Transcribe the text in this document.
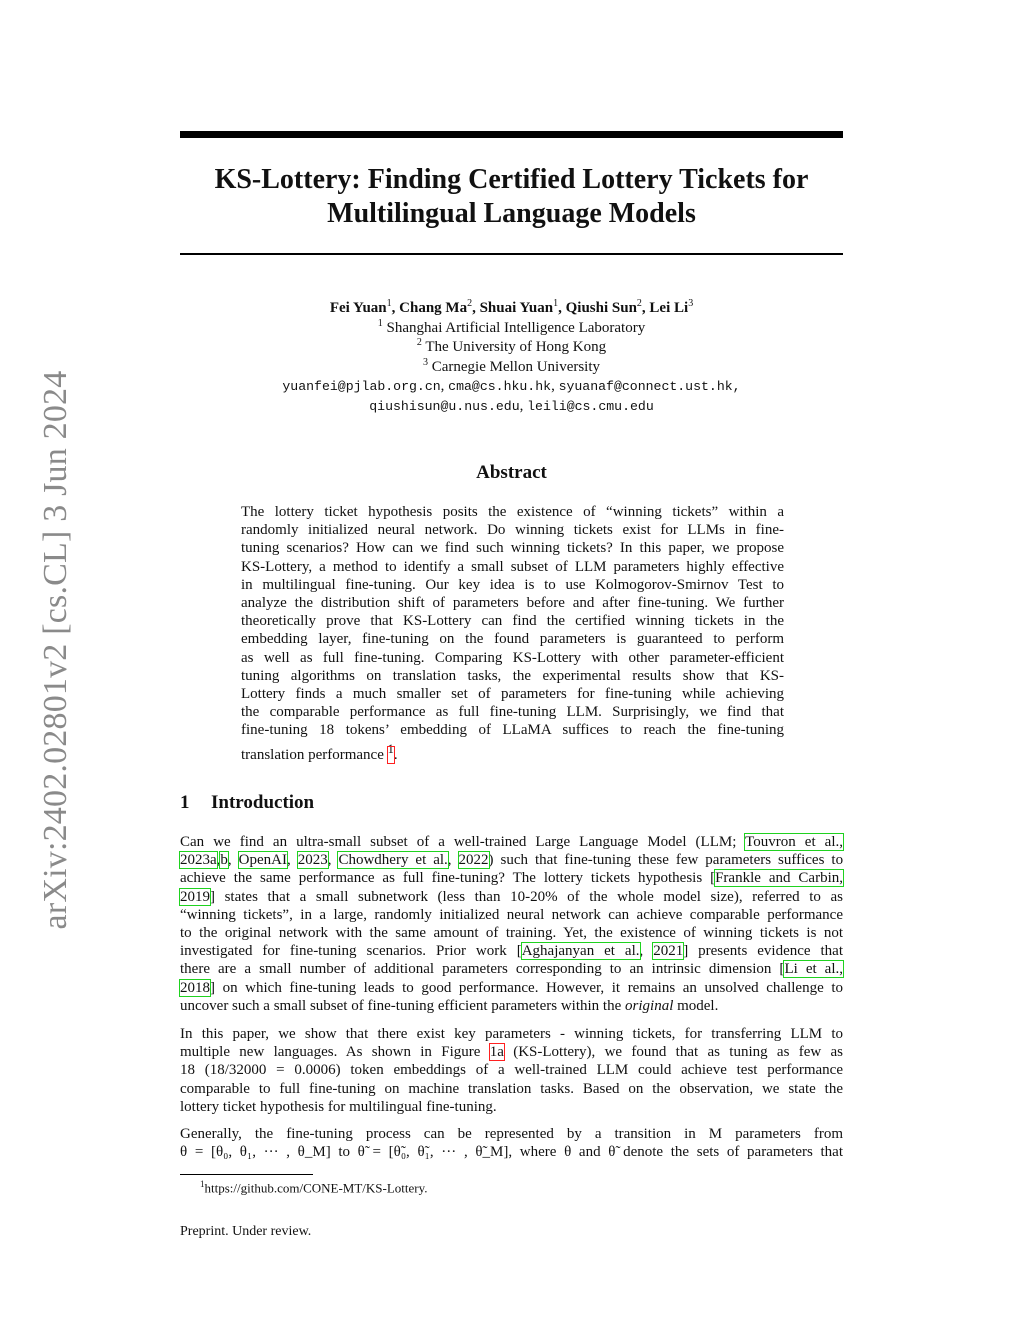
arXiv:2402.02801v2 [cs.CL] 3 Jun 2024
KS-Lottery: Finding Certified Lottery Tickets for
Multilingual Language Models
Fei Yuan$^1$, Chang Ma$^2$, Shuai Yuan$^1$, Qiushi Sun$^2$, Lei Li$^3$
$^1$ Shanghai Artificial Intelligence Laboratory
$^2$ The University of Hong Kong
$^3$ Carnegie Mellon University
yuanfei@pjlab.org.cn, cma@cs.hku.hk, syuanaf@connect.ust.hk,
qiushisun@u.nus.edu, leili@cs.cmu.edu
Abstract
The lottery ticket hypothesis posits the existence of “winning tickets” within a
randomly initialized neural network. Do winning tickets exist for LLMs in fine-
tuning scenarios? How can we find such winning tickets? In this paper, we propose
KS-Lottery, a method to identify a small subset of LLM parameters highly effective
in multilingual fine-tuning. Our key idea is to use Kolmogorov-Smirnov Test to
analyze the distribution shift of parameters before and after fine-tuning. We further
theoretically prove that KS-Lottery can find the certified winning tickets in the
embedding layer, fine-tuning on the found parameters is guaranteed to perform
as well as full fine-tuning. Comparing KS-Lottery with other parameter-efficient
tuning algorithms on translation tasks, the experimental results show that KS-
Lottery finds a much smaller set of parameters for fine-tuning while achieving
the comparable performance as full fine-tuning LLM. Surprisingly, we find that
fine-tuning 18 tokens’ embedding of LLaMA suffices to reach the fine-tuning
translation performance $^1$.
1 Introduction
Can we find an ultra-small subset of a well-trained Large Language Model (LLM; Touvron et al.,
2023a,b, OpenAI, 2023, Chowdhery et al., 2022) such that fine-tuning these few parameters suffices to
achieve the same performance as full fine-tuning? The lottery tickets hypothesis [Frankle and Carbin,
2019] states that a small subnetwork (less than 10-20% of the whole model size), referred to as
“winning tickets”, in a large, randomly initialized neural network can achieve comparable performance
to the original network with the same amount of training. Yet, the existence of winning tickets is not
investigated for fine-tuning scenarios. Prior work [Aghajanyan et al., 2021] presents evidence that
there are a small number of additional parameters corresponding to an intrinsic dimension [Li et al.,
2018] on which fine-tuning leads to good performance. However, it remains an unsolved challenge to
uncover such a small subset of fine-tuning efficient parameters within the original model.
In this paper, we show that there exist key parameters - winning tickets, for transferring LLM to
multiple new languages. As shown in Figure 1a (KS-Lottery), we found that as tuning as few as
18 (18/32000 = 0.0006) token embeddings of a well-trained LLM could achieve test performance
comparable to full fine-tuning on machine translation tasks. Based on the observation, we state the
lottery ticket hypothesis for multilingual fine-tuning.
Generally, the fine-tuning process can be represented by a transition in M parameters from
θ = [θ₀, θ₁, ··· , θ_M] to θ̃ = [θ̃₀, θ̃₁, ··· , θ̃_M], where θ and θ̃ denote the sets of parameters that
$^1$https://github.com/CONE-MT/KS-Lottery.
Preprint. Under review.
